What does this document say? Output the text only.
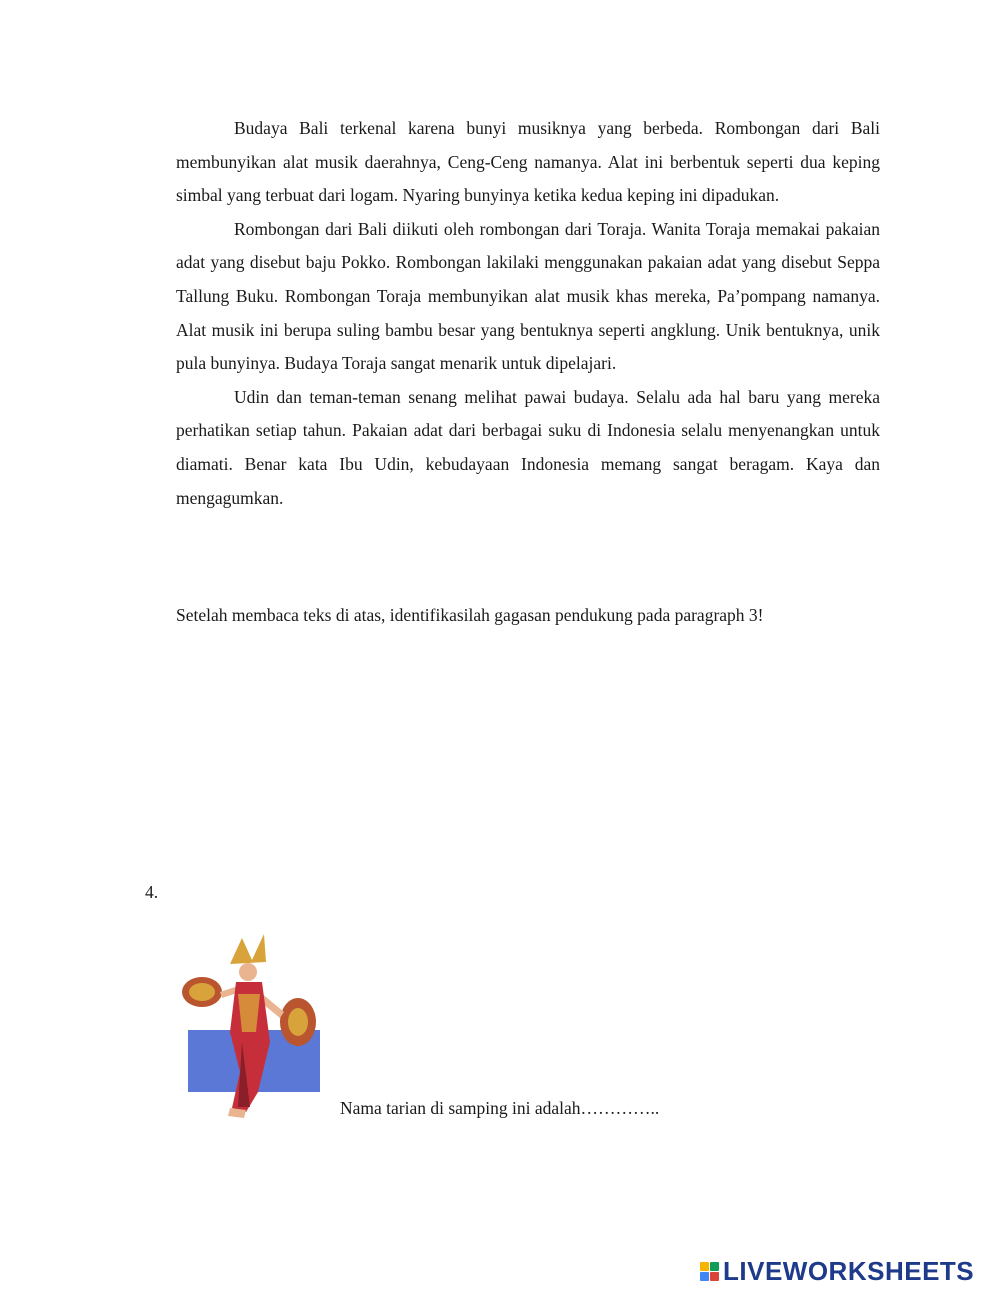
Budaya Bali terkenal karena bunyi musiknya yang berbeda. Rombongan dari Bali membunyikan alat musik daerahnya, Ceng-Ceng namanya. Alat ini berbentuk seperti dua keping simbal yang terbuat dari logam. Nyaring bunyinya ketika kedua keping ini dipadukan.

Rombongan dari Bali diikuti oleh rombongan dari Toraja. Wanita Toraja memakai pakaian adat yang disebut baju Pokko. Rombongan lakilaki menggunakan pakaian adat yang disebut Seppa Tallung Buku. Rombongan Toraja membunyikan alat musik khas mereka, Pa’pompang namanya. Alat musik ini berupa suling bambu besar yang bentuknya seperti angklung. Unik bentuknya, unik pula bunyinya. Budaya Toraja sangat menarik untuk dipelajari.

Udin dan teman-teman senang melihat pawai budaya. Selalu ada hal baru yang mereka perhatikan setiap tahun. Pakaian adat dari berbagai suku di Indonesia selalu menyenangkan untuk diamati. Benar kata Ibu Udin, kebudayaan Indonesia memang sangat beragam. Kaya dan mengagumkan.

Setelah membaca teks di atas, identifikasilah gagasan pendukung pada paragraph 3!

4.

Nama tarian di samping ini adalah…………..

LIVEWORKSHEETS
